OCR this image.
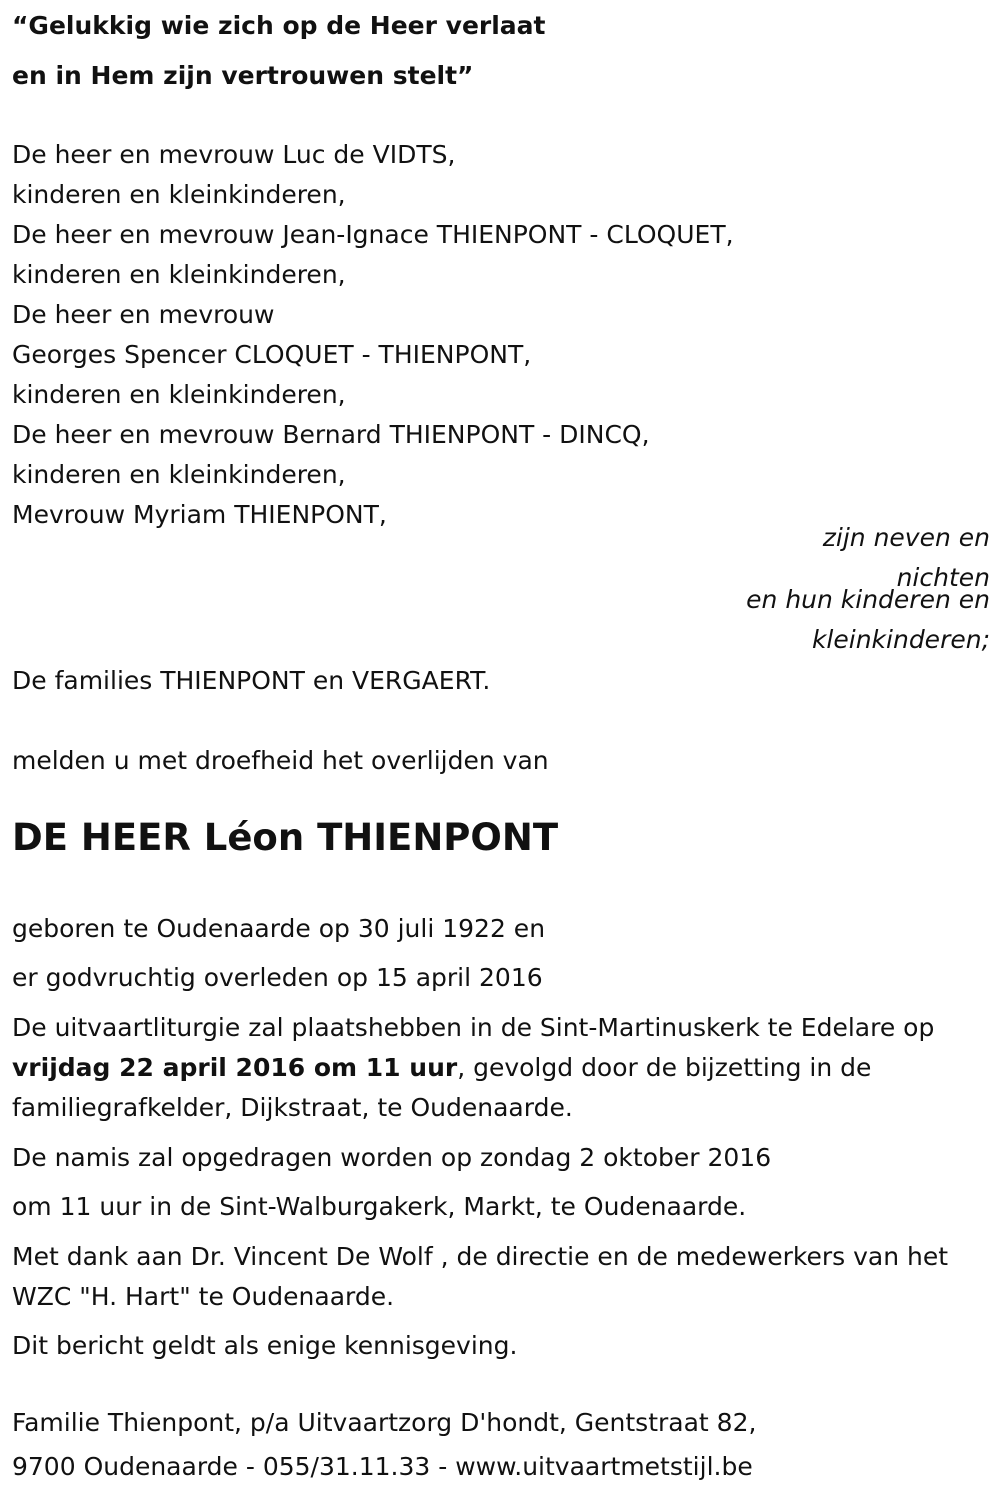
“Gelukkig wie zich op de Heer verlaat
en in Hem zijn vertrouwen stelt”
De heer en mevrouw Luc de VIDTS,
kinderen en kleinkinderen,
De heer en mevrouw Jean-Ignace THIENPONT - CLOQUET,
kinderen en kleinkinderen,
De heer en mevrouw
Georges Spencer CLOQUET - THIENPONT,
kinderen en kleinkinderen,
De heer en mevrouw Bernard THIENPONT - DINCQ,
kinderen en kleinkinderen,
Mevrouw Myriam THIENPONT,
zijn neven en
nichten
en hun kinderen en
kleinkinderen;
De families THIENPONT en VERGAERT.
melden u met droefheid het overlijden van
DE HEER Léon THIENPONT
geboren te Oudenaarde op 30 juli 1922 en
er godvruchtig overleden op 15 april 2016
De uitvaartliturgie zal plaatshebben in de Sint-Martinuskerk te Edelare op vrijdag 22 april 2016 om 11 uur, gevolgd door de bijzetting in de familiegrafkelder, Dijkstraat, te Oudenaarde.
De namis zal opgedragen worden op zondag 2 oktober 2016
om 11 uur in de Sint-Walburgakerk, Markt, te Oudenaarde.
Met dank aan Dr. Vincent De Wolf , de directie en de medewerkers van het WZC "H. Hart" te Oudenaarde.
Dit bericht geldt als enige kennisgeving.
Familie Thienpont, p/a Uitvaartzorg D'hondt, Gentstraat 82,
9700 Oudenaarde - 055/31.11.33 - www.uitvaartmetstijl.be
